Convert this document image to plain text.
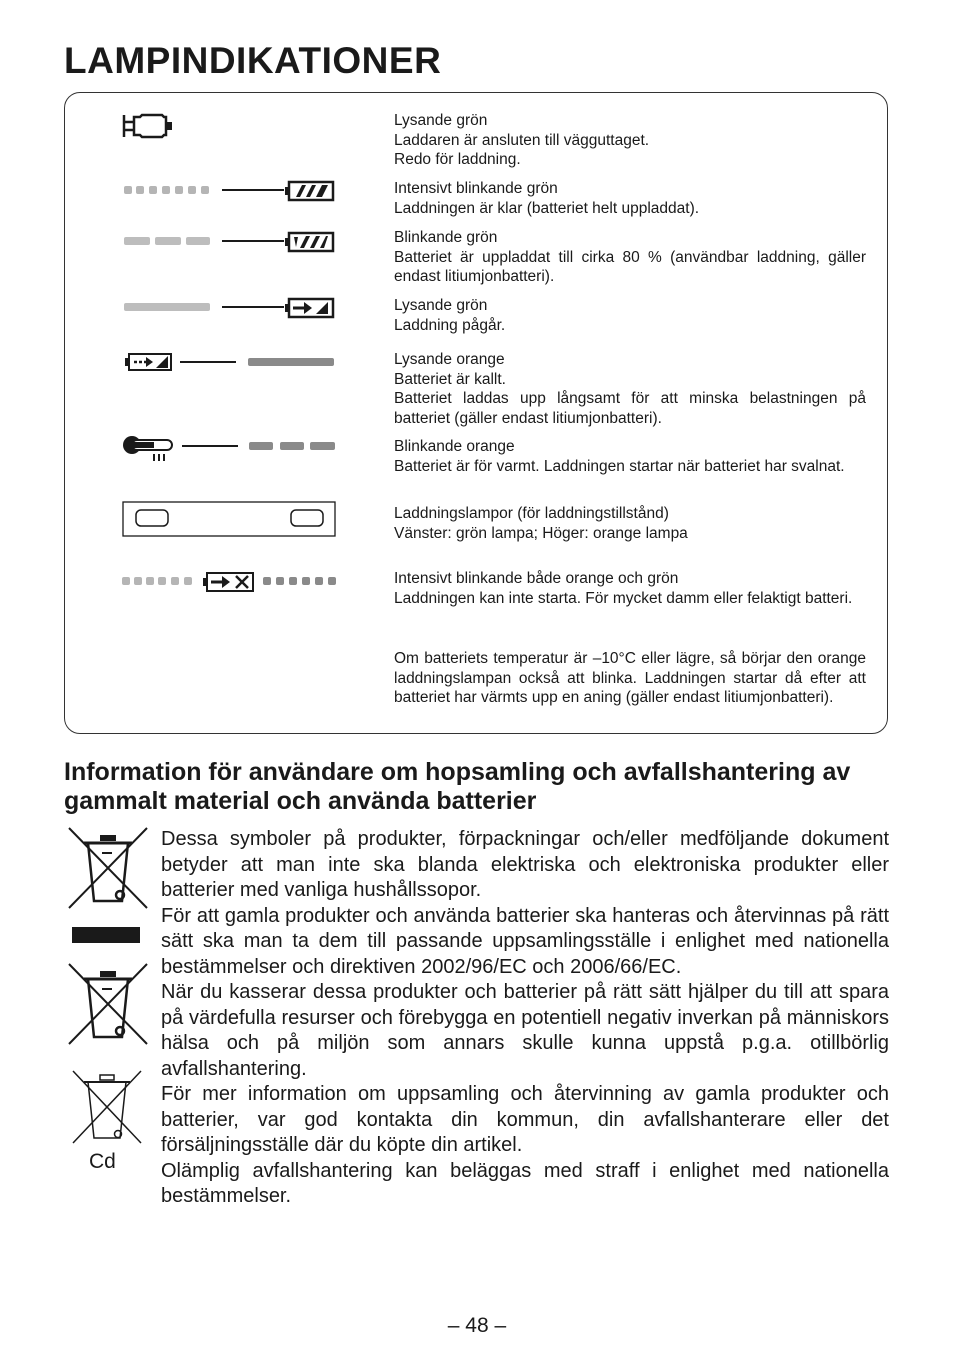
LAMPINDIKATIONER
Lysande grön
Laddaren är ansluten till vägguttaget.
Redo för laddning.
Intensivt blinkande grön
Laddningen är klar (batteriet helt uppladdat).
Blinkande grön
Batteriet är uppladdat till cirka 80 % (användbar laddning, gäller endast litiumjonbatteri).
Lysande grön
Laddning pågår.
Lysande orange
Batteriet är kallt.
Batteriet laddas upp långsamt för att minska belastningen på batteriet (gäller endast litiumjonbatteri).
Blinkande orange
Batteriet är för varmt. Laddningen startar när batteriet har svalnat.
Laddningslampor (för laddningstillstånd)
Vänster: grön lampa; Höger: orange lampa
Intensivt blinkande både orange och grön
Laddningen kan inte starta. För mycket damm eller felaktigt batteri.
Om batteriets temperatur är –10°C eller lägre, så börjar den orange laddningslampan också att blinka. Laddningen startar då efter att batteriet har värmts upp en aning (gäller endast litiumjonbatteri).
Information för användare om hopsamling och avfallshantering av gammalt material och använda batterier
Cd

Dessa symboler på produkter, förpackningar och/eller medföljande dokument betyder att man inte ska blanda elektriska och elektroniska produkter eller batterier med vanliga hushållssopor.

För att gamla produkter och använda batterier ska hanteras och återvinnas på rätt sätt ska man ta dem till passande uppsamlingsställe i enlighet med nationella bestämmelser och direktiven 2002/96/EC och 2006/66/EC.

När du kasserar dessa produkter och batterier på rätt sätt hjälper du till att spara på värdefulla resurser och förebygga en potentiell negativ inverkan på människors hälsa och på miljön som annars skulle kunna uppstå p.g.a. otillbörlig avfallshantering.

För mer information om uppsamling och återvinning av gamla produkter och batterier, var god kontakta din kommun, din avfallshanterare eller det försäljningsställe där du köpte din artikel.

Olämplig avfallshantering kan beläggas med straff i enlighet med nationella bestämmelser.

– 48 –
